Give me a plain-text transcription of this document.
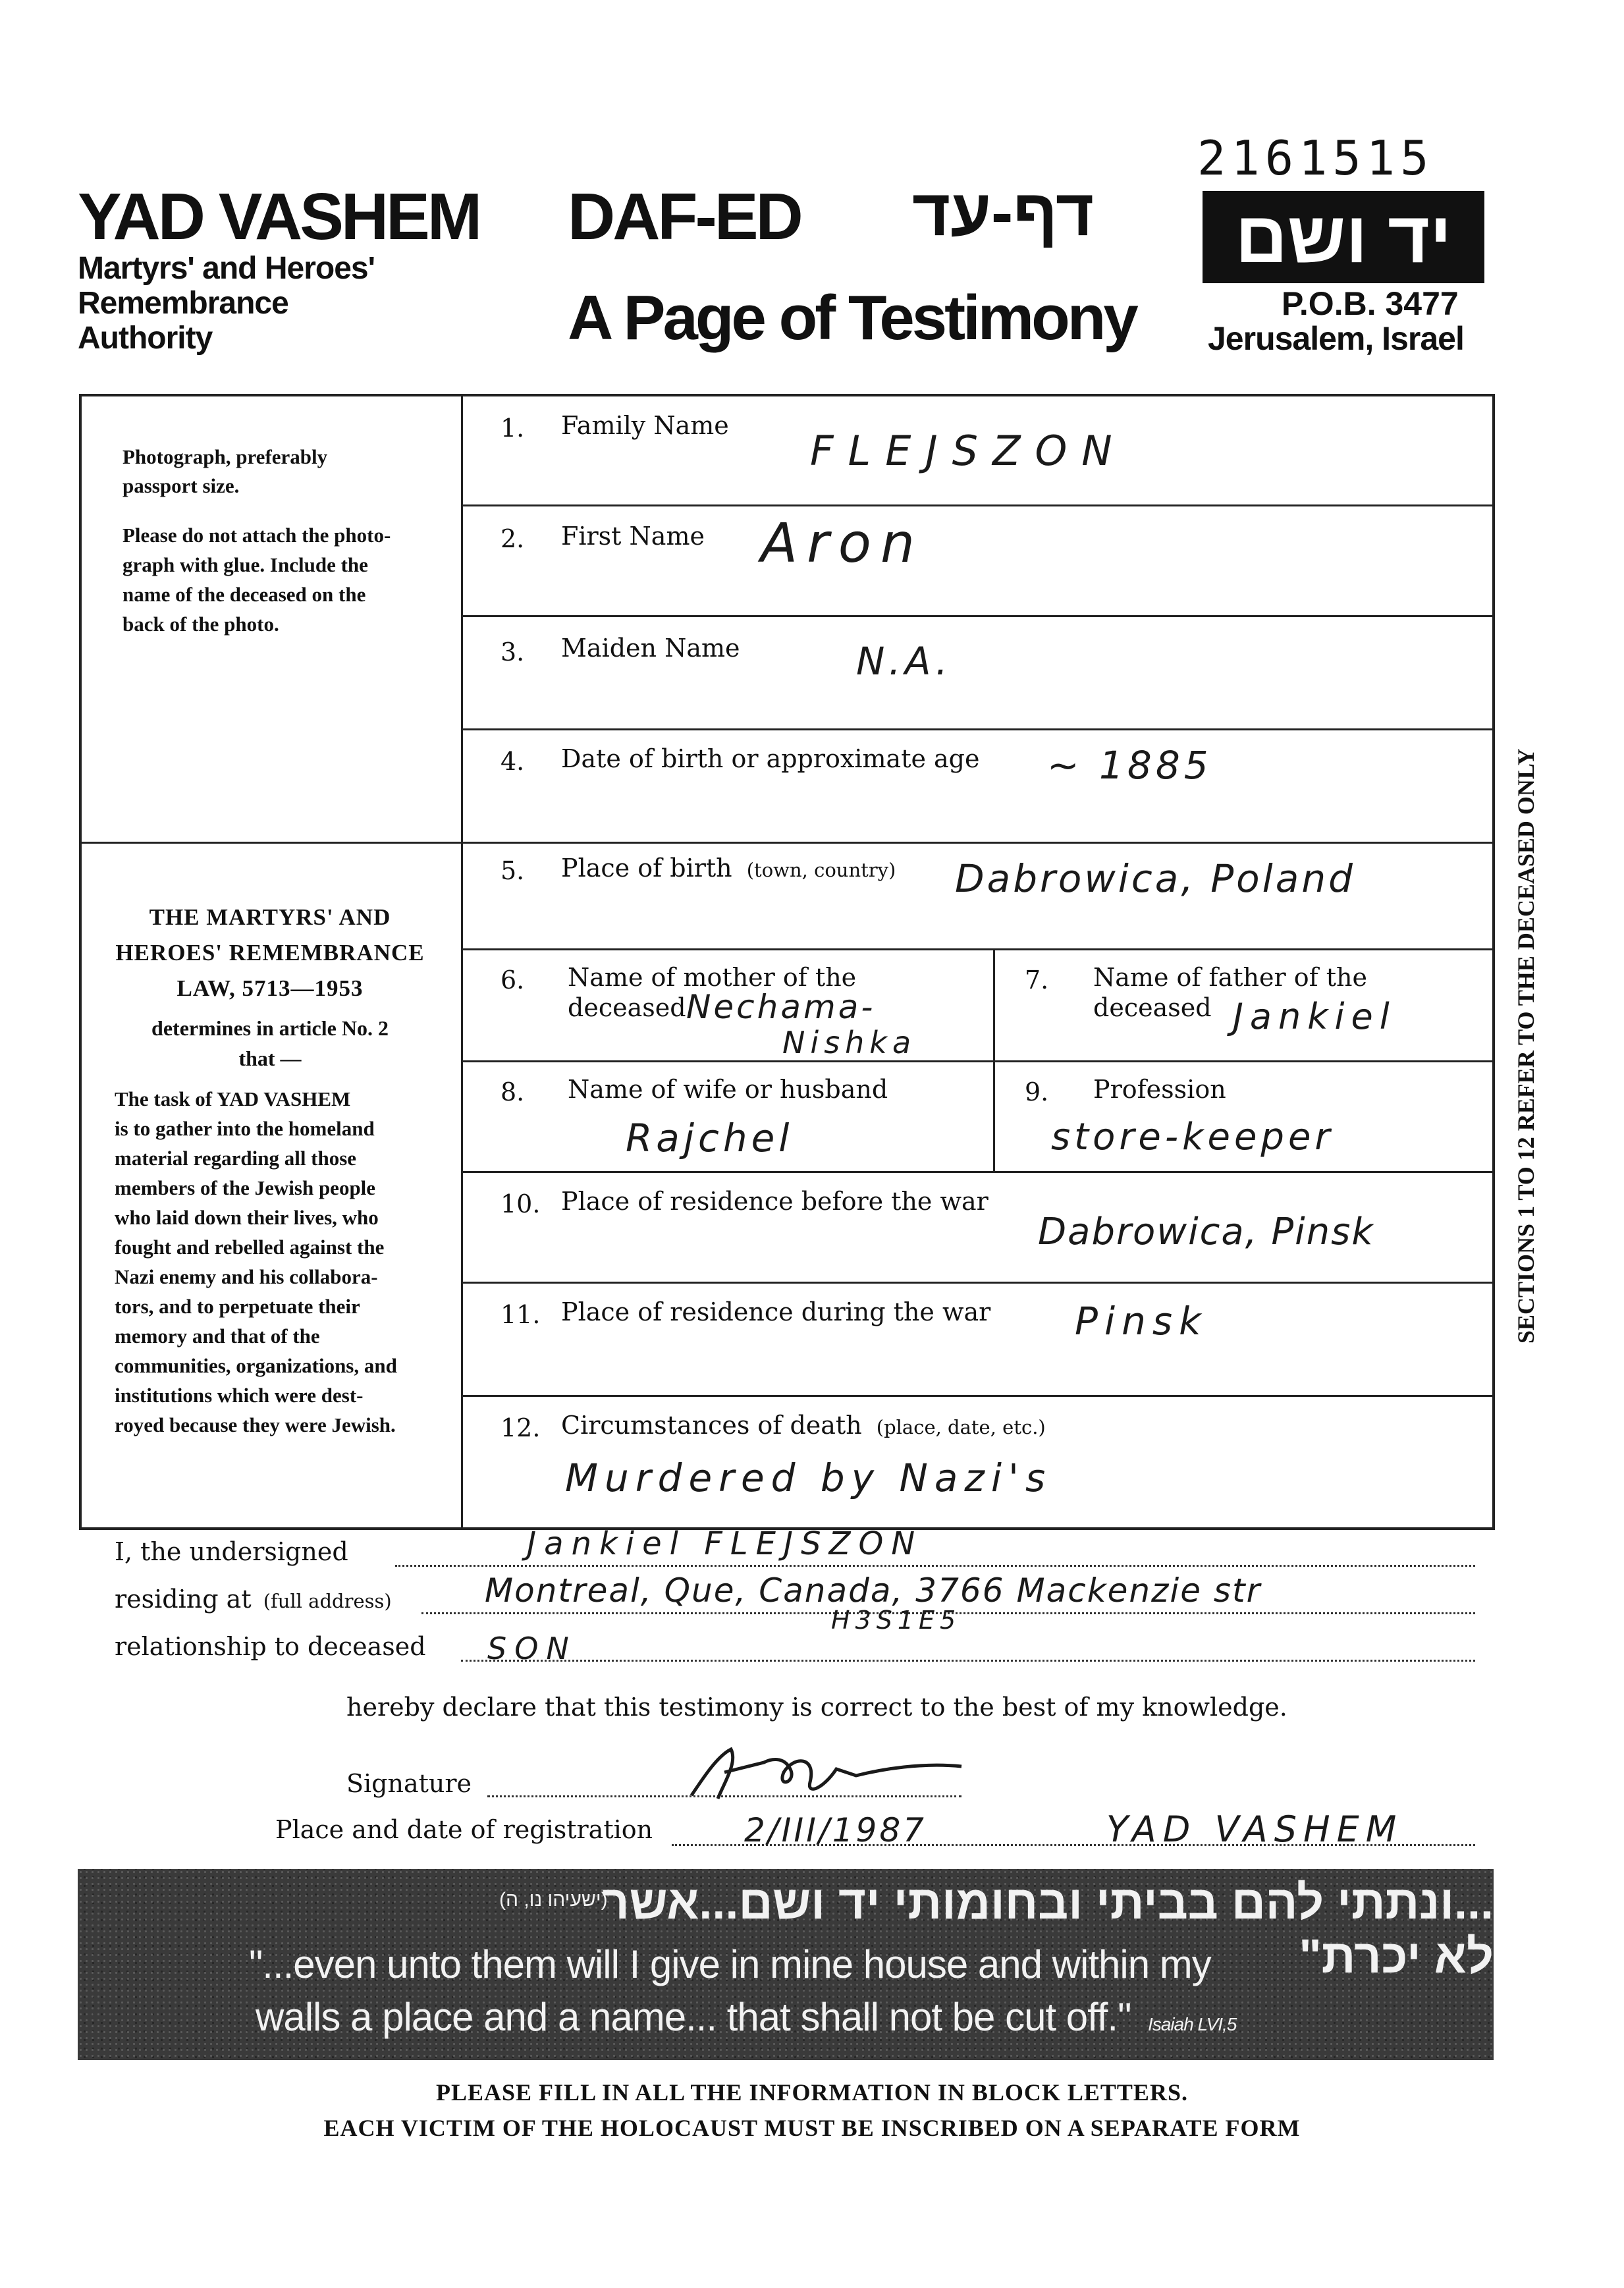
2161515
YAD VASHEM
Martyrs' and Heroes'
Remembrance
Authority
DAF-ED דף-עד
A Page of Testimony
יד ושם
P.O.B. 3477
Jerusalem, Israel
Photograph, preferably
passport size.
Please do not attach the photo-
graph with glue. Include the
name of the deceased on the
back of the photo.
THE MARTYRS' AND
HEROES' REMEMBRANCE
LAW, 5713—1953
determines in article No. 2
that —
The task of YAD VASHEM
is to gather into the homeland
material regarding all those
members of the Jewish people
who laid down their lives, who
fought and rebelled against the
Nazi enemy and his collabora-
tors, and to perpetuate their
memory and that of the
communities, organizations, and
institutions which were dest-
royed because they were Jewish.
1. Family Name
FLEJSZON
2. First Name Aron
3. Maiden Name	N.A.
4. Date of birth or approximate age ~ 1885
5. Place of birth (town, country) Dabrowica, Poland
6. Name of mother of the
deceased Nechama-
Nishka
7. Name of father of the
deceased Jankiel
8. Name of wife or husband
Rajchel
9. Profession
store-keeper
10. Place of residence before the war
Dabrowica, Pinsk
11. Place of residence during the war Pinsk
12. Circumstances of death (place, date, etc.)
Murdered by Nazi's
SECTIONS 1 TO 12 REFER TO THE DECEASED ONLY
I, the undersigned	Jankiel FLEJSZON
residing at (full address)	Montreal, Que, Canada, 3766 Mackenzie str
H3S1E5
relationship to deceased SON
hereby declare that this testimony is correct to the best of my knowledge.
Signature
Place and date of registration	2/III/1987	YAD VASHEM
(ישעיהו נו, ה)
...ונתתי להם בביתי ובחומותי יד ושם...אשר לא יכרת"
"...even unto them will I give in mine house and within my
walls a place and a name... that shall not be cut off." Isaiah LVI,5
PLEASE FILL IN ALL THE INFORMATION IN BLOCK LETTERS.
EACH VICTIM OF THE HOLOCAUST MUST BE INSCRIBED ON A SEPARATE FORM
